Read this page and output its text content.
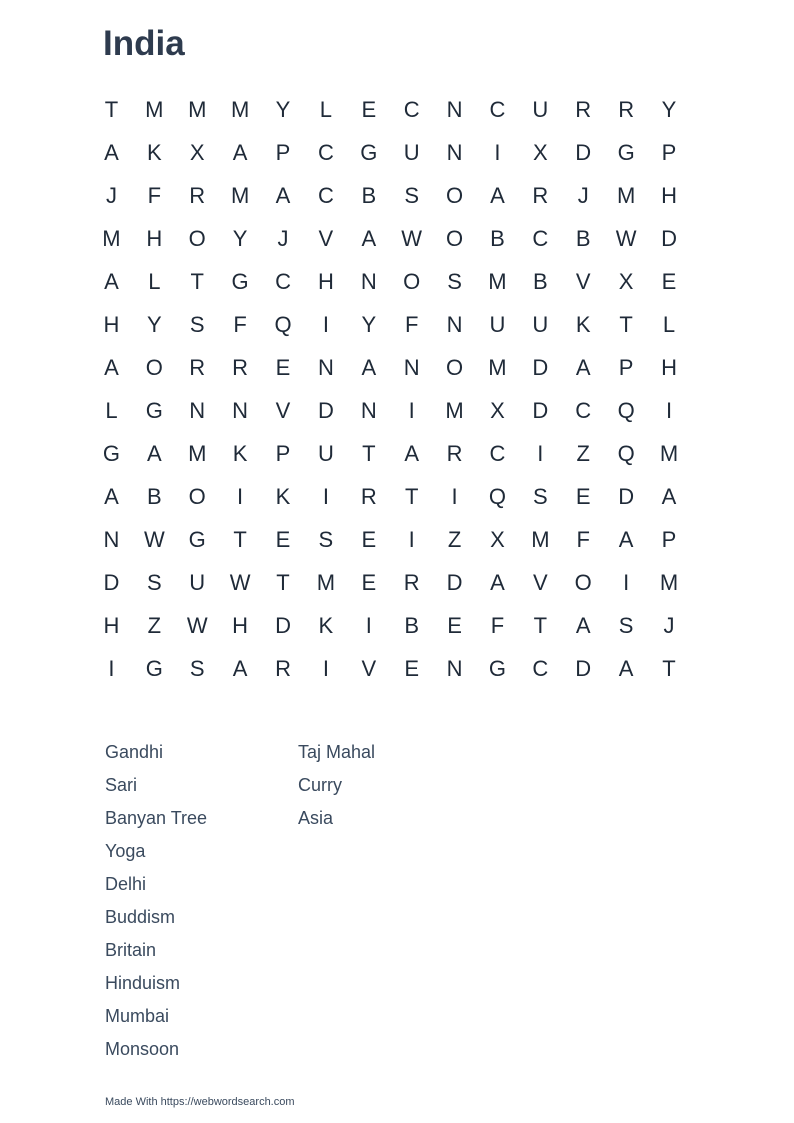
India
T	M	M	M	Y	L	E	C	N	C	U	R	R	Y
A	K	X	A	P	C	G	U	N	I	X	D	G	P
J	F	R	M	A	C	B	S	O	A	R	J	M	H
M	H	O	Y	J	V	A	W	O	B	C	B	W	D
A	L	T	G	C	H	N	O	S	M	B	V	X	E
H	Y	S	F	Q	I	Y	F	N	U	U	K	T	L
A	O	R	R	E	N	A	N	O	M	D	A	P	H
L	G	N	N	V	D	N	I	M	X	D	C	Q	I
G	A	M	K	P	U	T	A	R	C	I	Z	Q	M
A	B	O	I	K	I	R	T	I	Q	S	E	D	A
N	W	G	T	E	S	E	I	Z	X	M	F	A	P
D	S	U	W	T	M	E	R	D	A	V	O	I	M
H	Z	W	H	D	K	I	B	E	F	T	A	S	J
I	G	S	A	R	I	V	E	N	G	C	D	A	T
Gandhi
Sari
Banyan Tree
Yoga
Delhi
Buddism
Britain
Hinduism
Mumbai
Monsoon
Taj Mahal
Curry
Asia
Made With https://webwordsearch.com
